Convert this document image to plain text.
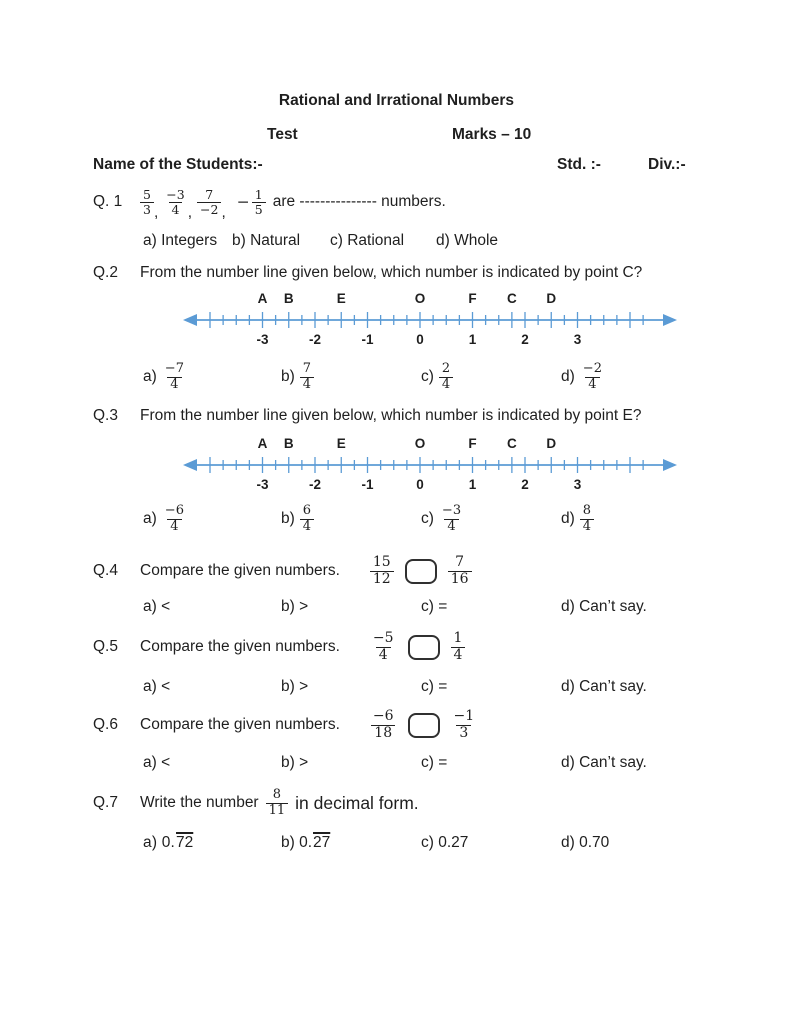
Rational and Irrational Numbers
Test	Marks – 10
Name of the Students:-	Std. :-	Div.:-
Q. 1	$\frac{5}{3}$ , $\frac{-3}{4}$ , $\frac{7}{-2}$ ,
− $\frac{1}{5}$ are --------------- numbers.
a) Integers b) Natural	c) Rational	d) Whole
Q.2	From the number line given below, which number is indicated by point C?
A B	E	O	F C D
-3	-2	-1	0	1	2	3
$a) \frac{-7}{4}$	$b) \frac{7}{4}$	$c) \frac{2}{4}$	$d) \frac{-2}{4}$
Q.3	From the number line given below, which number is indicated by point E?
A B	E	O	F C D
-3	-2	-1	0	1	2	3
$a) \frac{-6}{4}$	$b) \frac{6}{4}$	$c) \frac{-3}{4}$	$d) \frac{8}{4}$
Q.4	Compare the given numbers. $\frac{15}{12}$	$\frac{7}{16}$
a) <	b) >	c) =	d) Can’t say.
Q.5	Compare the given numbers. $\frac{-5}{4}$	$\frac{1}{4}$
a) <	b) >	c) =	d) Can’t say.
Q.6	Compare the given numbers. $\frac{-6}{18}$	$\frac{-1}{3}$
a) <	b) >	c) =	d) Can’t say.
Q.7	Write the number $\frac{8}{11}$ in decimal form.
a) 0. 72	b) 0. 27	c) 0.27	d) 0.70
